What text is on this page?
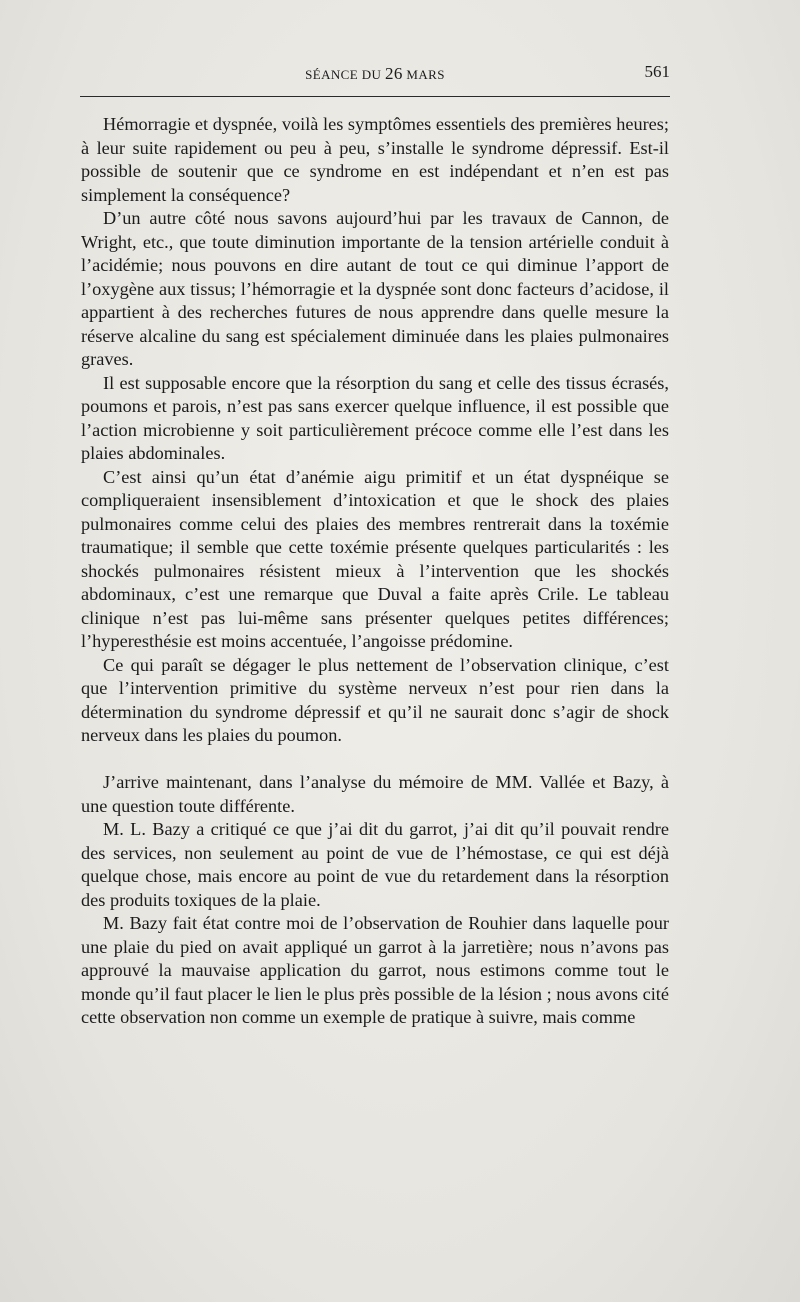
SÉANCE DU 26 MARS	561

Hémorragie et dyspnée, voilà les symptômes essentiels des premières heures; à leur suite rapidement ou peu à peu, s’installe le syndrome dépressif. Est-il possible de soutenir que ce syndrome en est indépendant et n’en est pas simplement la conséquence?

D’un autre côté nous savons aujourd’hui par les travaux de Cannon, de Wright, etc., que toute diminution importante de la tension artérielle conduit à l’acidémie; nous pouvons en dire autant de tout ce qui diminue l’apport de l’oxygène aux tissus; l’hémorragie et la dyspnée sont donc facteurs d’acidose, il appartient à des recherches futures de nous apprendre dans quelle mesure la réserve alcaline du sang est spécialement diminuée dans les plaies pulmonaires graves.

Il est supposable encore que la résorption du sang et celle des tissus écrasés, poumons et parois, n’est pas sans exercer quelque influence, il est possible que l’action microbienne y soit particulièrement précoce comme elle l’est dans les plaies abdominales.

C’est ainsi qu’un état d’anémie aigu primitif et un état dyspnéique se compliqueraient insensiblement d’intoxication et que le shock des plaies pulmonaires comme celui des plaies des membres rentrerait dans la toxémie traumatique; il semble que cette toxémie présente quelques particularités : les shockés pulmonaires résistent mieux à l’intervention que les shockés abdominaux, c’est une remarque que Duval a faite après Crile. Le tableau clinique n’est pas lui-même sans présenter quelques petites différences; l’hyperesthésie est moins accentuée, l’angoisse prédomine.

Ce qui paraît se dégager le plus nettement de l’observation clinique, c’est que l’intervention primitive du système nerveux n’est pour rien dans la détermination du syndrome dépressif et qu’il ne saurait donc s’agir de shock nerveux dans les plaies du poumon.

J’arrive maintenant, dans l’analyse du mémoire de MM. Vallée et Bazy, à une question toute différente.

M. L. Bazy a critiqué ce que j’ai dit du garrot, j’ai dit qu’il pouvait rendre des services, non seulement au point de vue de l’hémostase, ce qui est déjà quelque chose, mais encore au point de vue du retardement dans la résorption des produits toxiques de la plaie.

M. Bazy fait état contre moi de l’observation de Rouhier dans laquelle pour une plaie du pied on avait appliqué un garrot à la jarretière; nous n’avons pas approuvé la mauvaise application du garrot, nous estimons comme tout le monde qu’il faut placer le lien le plus près possible de la lésion ; nous avons cité cette observation non comme un exemple de pratique à suivre, mais comme
